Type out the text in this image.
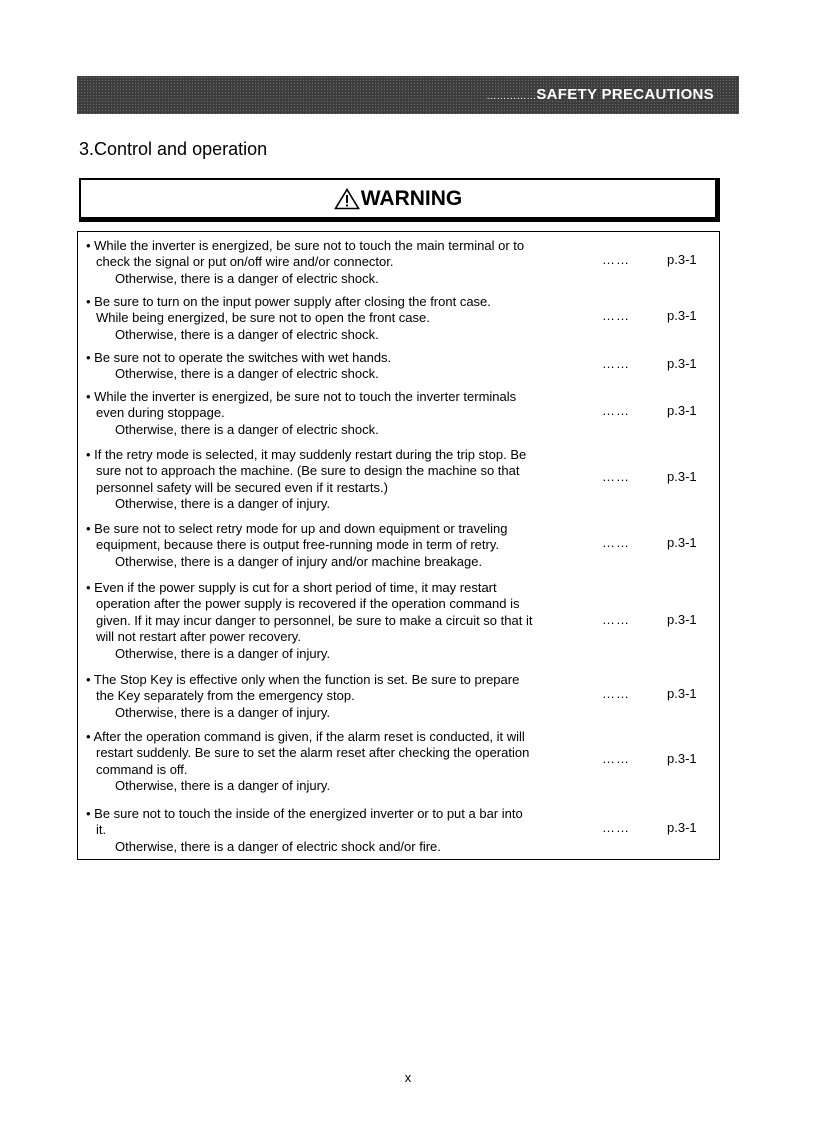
……………SAFETY PRECAUTIONS
3.Control and operation
WARNING
• While the inverter is energized, be sure not to touch the main terminal or to
check the signal or put on/off wire and/or connector.
Otherwise, there is a danger of electric shock.
……	p.3-1
• Be sure to turn on the input power supply after closing the front case.
While being energized, be sure not to open the front case.
Otherwise, there is a danger of electric shock.
……	p.3-1
• Be sure not to operate the switches with wet hands.
Otherwise, there is a danger of electric shock.
……	p.3-1
• While the inverter is energized, be sure not to touch the inverter terminals
even during stoppage.
Otherwise, there is a danger of electric shock.
……	p.3-1
• If the retry mode is selected, it may suddenly restart during the trip stop. Be
sure not to approach the machine. (Be sure to design the machine so that
personnel safety will be secured even if it restarts.)
Otherwise, there is a danger of injury.
……	p.3-1
• Be sure not to select retry mode for up and down equipment or traveling
equipment, because there is output free-running mode in term of retry.
Otherwise, there is a danger of injury and/or machine breakage.
……	p.3-1
• Even if the power supply is cut for a short period of time, it may restart
operation after the power supply is recovered if the operation command is
given. If it may incur danger to personnel, be sure to make a circuit so that it
will not restart after power recovery.
Otherwise, there is a danger of injury.
……	p.3-1
• The Stop Key is effective only when the function is set. Be sure to prepare
the Key separately from the emergency stop.
Otherwise, there is a danger of injury.
……	p.3-1
• After the operation command is given, if the alarm reset is conducted, it will
restart suddenly. Be sure to set the alarm reset after checking the operation
command is off.
Otherwise, there is a danger of injury.
……	p.3-1
• Be sure not to touch the inside of the energized inverter or to put a bar into
it.
Otherwise, there is a danger of electric shock and/or fire.
……	p.3-1
x
